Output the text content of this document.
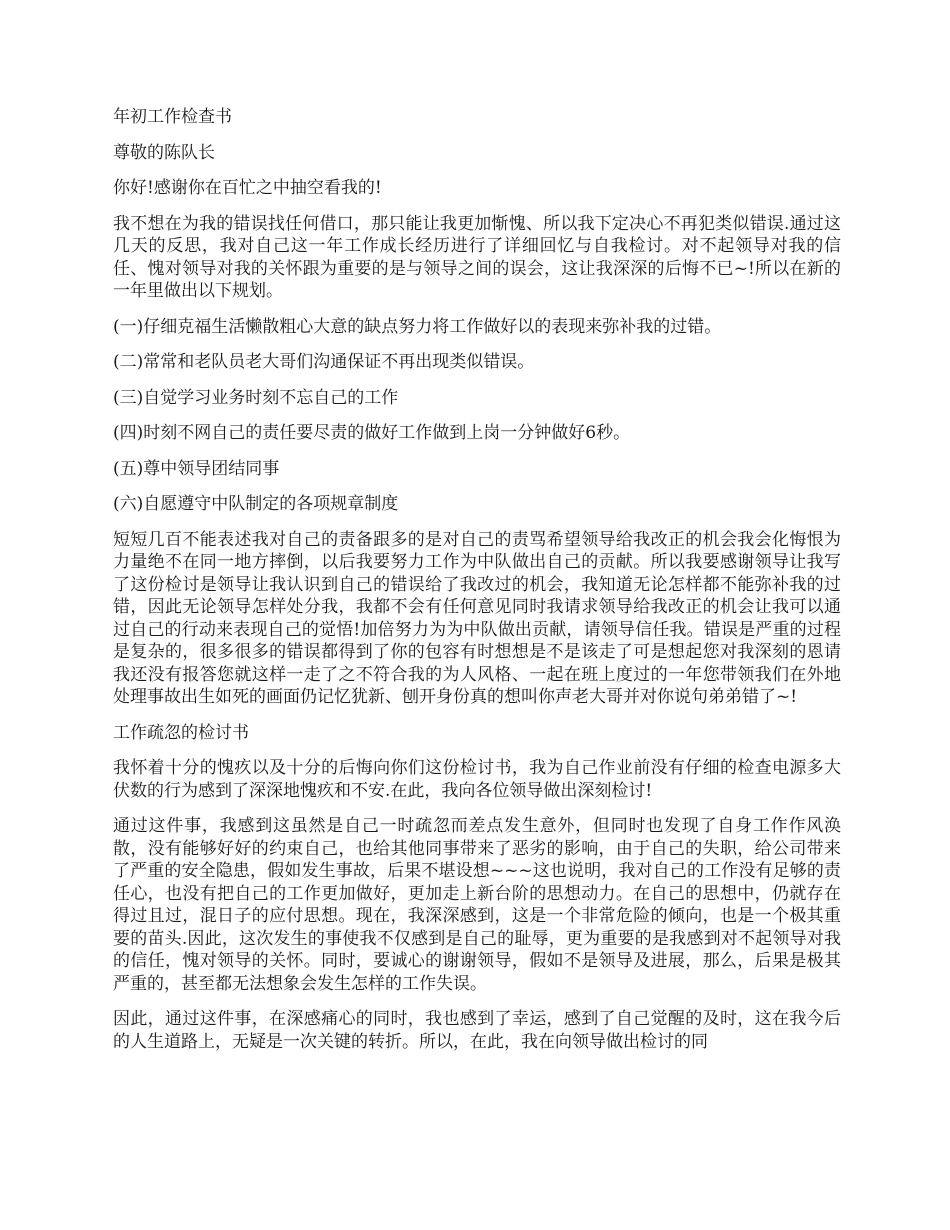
年初工作检查书

尊敬的陈队长

你好!感谢你在百忙之中抽空看我的!

我不想在为我的错误找任何借口，那只能让我更加惭愧、所以我下定决心不再犯类似错误.通过这几天的反思，我对自己这一年工作成长经历进行了详细回忆与自我检讨。对不起领导对我的信任、愧对领导对我的关怀跟为重要的是与领导之间的误会，这让我深深的后悔不已~!所以在新的一年里做出以下规划。

(一)仔细克福生活懒散粗心大意的缺点努力将工作做好以的表现来弥补我的过错。

(二)常常和老队员老大哥们沟通保证不再出现类似错误。

(三)自觉学习业务时刻不忘自己的工作

(四)时刻不网自己的责任要尽责的做好工作做到上岗一分钟做好6秒。

(五)尊中领导团结同事

(六)自愿遵守中队制定的各项规章制度

短短几百不能表述我对自己的责备跟多的是对自己的责骂希望领导给我改正的机会我会化悔恨为力量绝不在同一地方摔倒，以后我要努力工作为中队做出自己的贡献。所以我要感谢领导让我写了这份检讨是领导让我认识到自己的错误给了我改过的机会，我知道无论怎样都不能弥补我的过错，因此无论领导怎样处分我，我都不会有任何意见同时我请求领导给我改正的机会让我可以通过自己的行动来表现自己的觉悟!加倍努力为为中队做出贡献，请领导信任我。错误是严重的过程是复杂的，很多很多的错误都得到了你的包容有时想想是不是该走了可是想起您对我深刻的恩请我还没有报答您就这样一走了之不符合我的为人风格、一起在班上度过的一年您带领我们在外地处理事故出生如死的画面仍记忆犹新、刨开身份真的想叫你声老大哥并对你说句弟弟错了~!

工作疏忽的检讨书

我怀着十分的愧疚以及十分的后悔向你们这份检讨书，我为自己作业前没有仔细的检查电源多大伏数的行为感到了深深地愧疚和不安.在此，我向各位领导做出深刻检讨!

通过这件事，我感到这虽然是自己一时疏忽而差点发生意外，但同时也发现了自身工作作风涣散，没有能够好好的约束自己，也给其他同事带来了恶劣的影响，由于自己的失职，给公司带来了严重的安全隐患，假如发生事故，后果不堪设想~~~这也说明，我对自己的工作没有足够的责任心，也没有把自己的工作更加做好，更加走上新台阶的思想动力。在自己的思想中，仍就存在得过且过，混日子的应付思想。现在，我深深感到，这是一个非常危险的倾向，也是一个极其重要的苗头.因此，这次发生的事使我不仅感到是自己的耻辱，更为重要的是我感到对不起领导对我的信任，愧对领导的关怀。同时，要诚心的谢谢领导，假如不是领导及进展，那么，后果是极其严重的，甚至都无法想象会发生怎样的工作失误。

因此，通过这件事，在深感痛心的同时，我也感到了幸运，感到了自己觉醒的及时，这在我今后的人生道路上，无疑是一次关键的转折。所以，在此，我在向领导做出检讨的同
